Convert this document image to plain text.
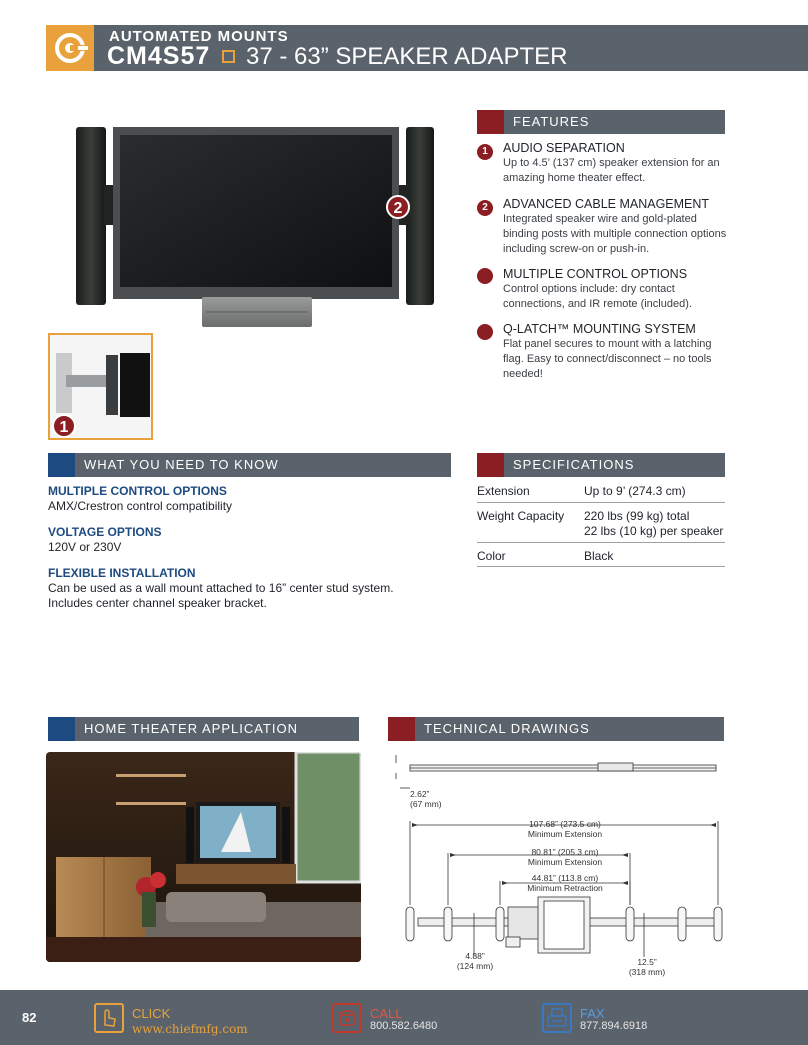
AUTOMATED MOUNTS
CM4S57 37 - 63” SPEAKER ADAPTER
2
1
FEATURES
1	AUDIO SEPARATION
Up to 4.5’ (137 cm) speaker extension for an amazing home theater effect.
2	ADVANCED CABLE MANAGEMENT
Integrated speaker wire and gold-plated binding posts with multiple connection options including screw-on or push-in.
MULTIPLE CONTROL OPTIONS
Control options include: dry contact connections, and IR remote (included).
Q-LATCH™ MOUNTING SYSTEM
Flat panel secures to mount with a latching flag. Easy to connect/disconnect – no tools needed!
WHAT YOU NEED TO KNOW
MULTIPLE CONTROL OPTIONS
AMX/Crestron control compatibility
VOLTAGE OPTIONS
120V or 230V
FLEXIBLE INSTALLATION
Can be used as a wall mount attached to 16” center stud system. Includes center channel speaker bracket.
SPECIFICATIONS
Extension	Up to 9’ (274.3 cm)
Weight Capacity 220 lbs (99 kg) total
22 lbs (10 kg) per speaker
Color	Black
HOME THEATER APPLICATION	TECHNICAL DRAWINGS
2.62”
(67 mm)
107.68” (273.5 cm)
Minimum Extension
80.81” (205.3 cm)
Minimum Extension
44.81” (113.8 cm)
Minimum Retraction
4.88”
(124 mm)	12.5”
(318 mm)
82	CLICK
www.chiefmfg.com
CALL
800.582.6480
FAX
877.894.6918
